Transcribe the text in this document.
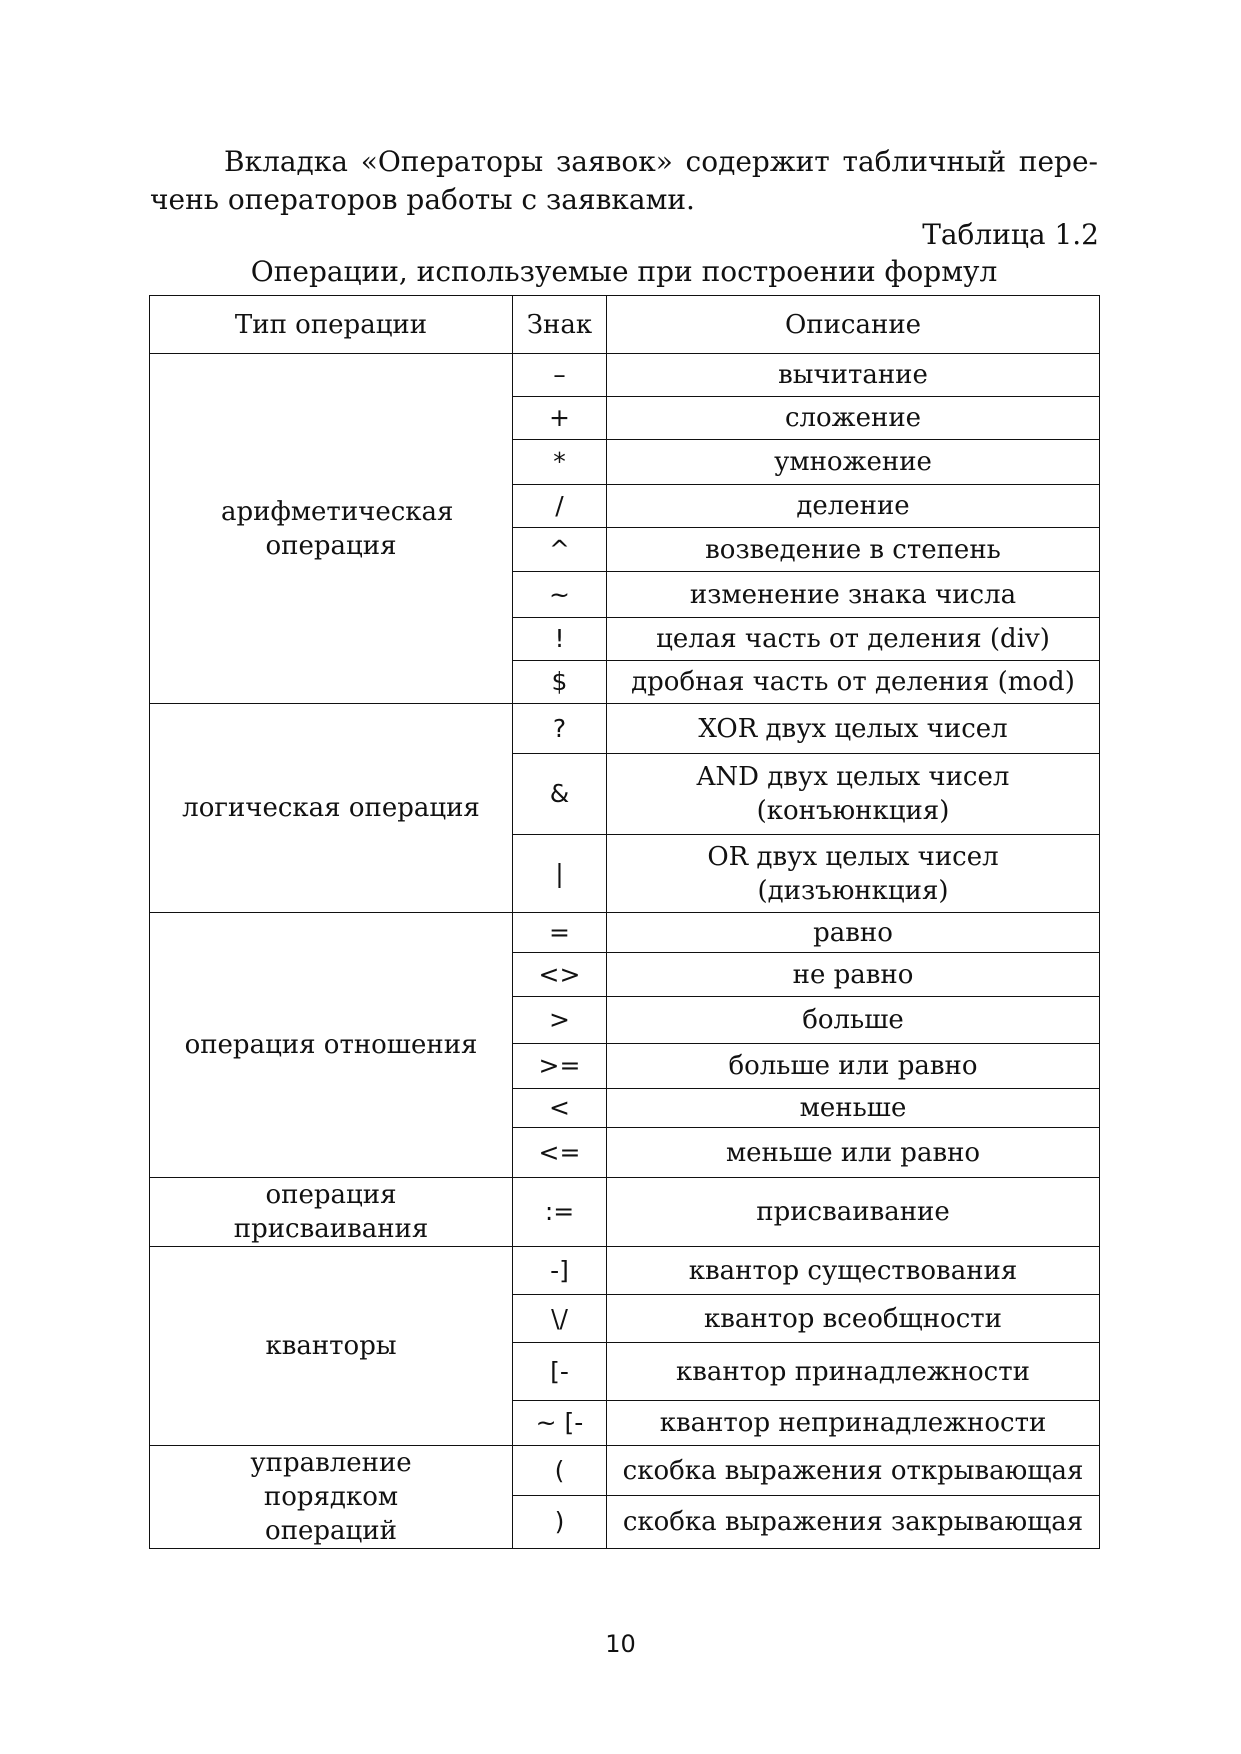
Вкладка «Операторы заявок» содержит табличный пере-
чень операторов работы с заявками.

Таблица 1.2

Операции, используемые при построении формул

Тип операции	Знак	Описание

арифметическая операция	–	вычитание

	+	сложение

	*	умножение

	/	деление

	^	возведение в степень

	~	изменение знака числа

	!	целая часть от деления (div)

	$	дробная часть от деления (mod)

логическая операция	?	XOR двух целых чисел

	&	AND двух целых чисел (конъюнкция)

	|	OR двух целых чисел (дизъюнкция)

операция отношения	=	равно

	<>	не равно

	>	больше

	>=	больше или равно

	<	меньше

	<=	меньше или равно

операция присваивания	:=	присваивание

кванторы	-]	квантор существования

	\/	квантор всеобщности

	[-	квантор принадлежности

	~ [-	квантор непринадлежности

управление порядком операций	(	скобка выражения открывающая

	)	скобка выражения закрывающая

10
